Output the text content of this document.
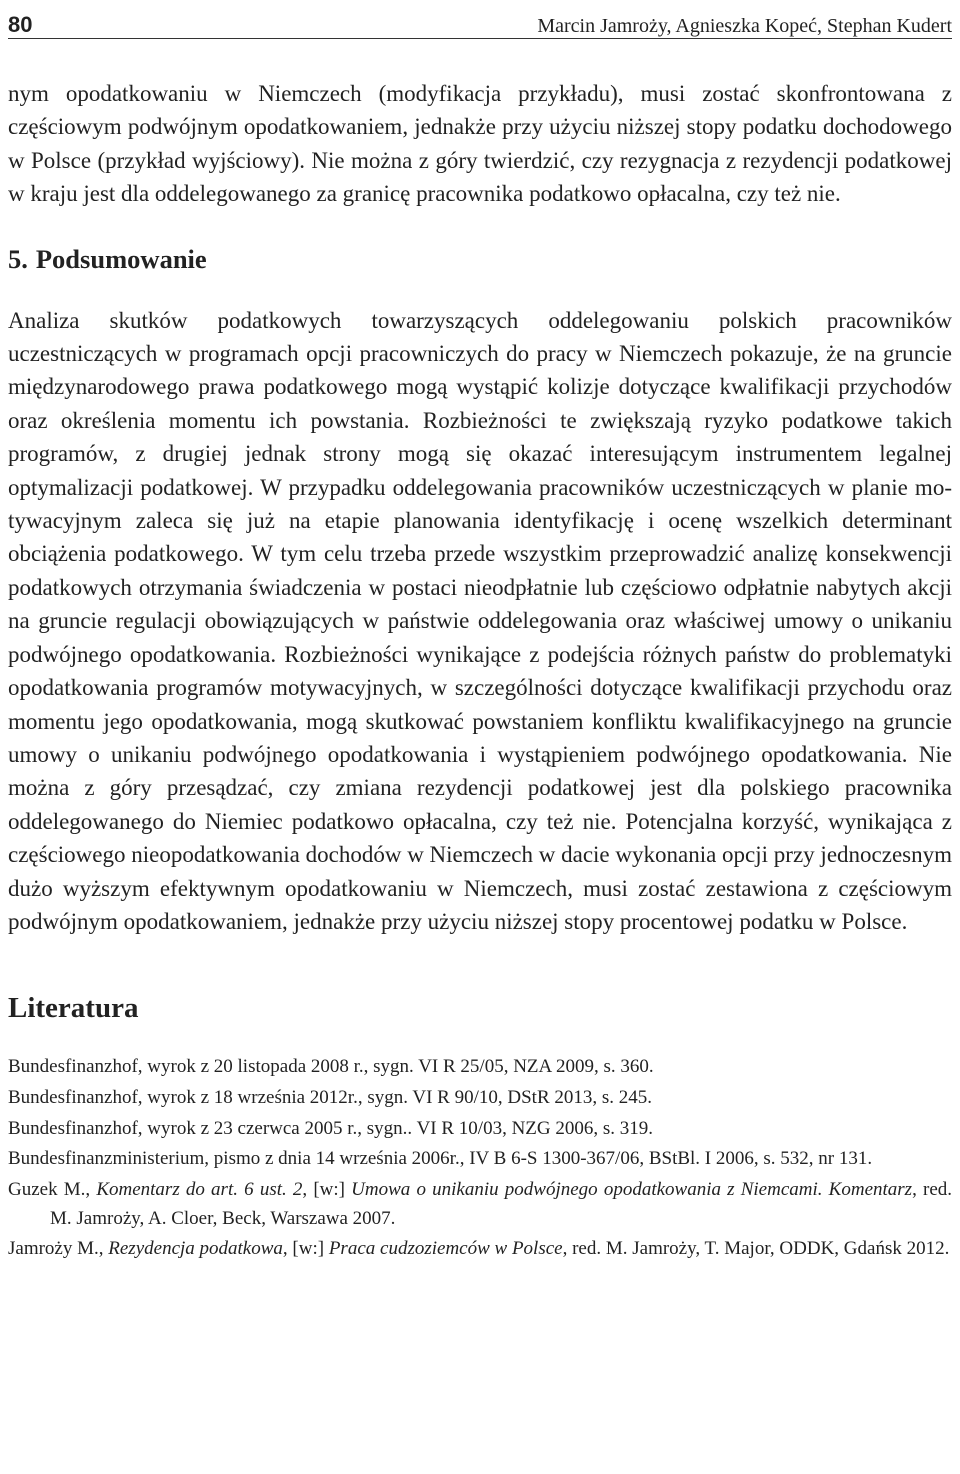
80	Marcin Jamroży, Agnieszka Kopeć, Stephan Kudert

nym opodatkowaniu w Niemczech (modyfikacja przykładu), musi zostać skonfrontowana z częściowym podwójnym opodatkowaniem, jednakże przy użyciu niższej stopy podatku dochodowego w Polsce (przykład wyjściowy). Nie można z góry twierdzić, czy rezygnacja z rezydencji podatkowej w kraju jest dla oddelegowanego za granicę pracownika podatkowo opłacalna, czy też nie.

5. Podsumowanie

Analiza skutków podatkowych towarzyszących oddelegowaniu polskich pracowników uczestniczących w programach opcji pracowniczych do pracy w Niemczech pokazuje, że na gruncie międzynarodowego prawa podatkowego mogą wystąpić kolizje dotyczące kwalifikacji przychodów oraz określenia momentu ich powstania. Rozbieżności te zwiększają ryzyko podatkowe takich programów, z drugiej jednak strony mogą się okazać interesującym instrumentem legalnej optymalizacji podatkowej. W przypadku oddelegowania pracowników uczestniczących w planie motywacyjnym zaleca się już na etapie planowania identyfikację i ocenę wszelkich determinant obciążenia podatkowego. W tym celu trzeba przede wszystkim przeprowadzić analizę konsekwencji podatkowych otrzymania świadczenia w postaci nieodpłatnie lub częściowo odpłatnie nabytych akcji na gruncie regulacji obowiązujących w państwie oddelegowania oraz właściwej umowy o unikaniu podwójnego opodatkowania. Rozbieżności wynikające z podejścia różnych państw do problematyki opodatkowania programów motywacyjnych, w szczególności dotyczące kwalifikacji przychodu oraz momentu jego opodatkowania, mogą skutkować powstaniem konfliktu kwalifikacyjnego na gruncie umowy o unikaniu podwójnego opodatkowania i wystąpieniem podwójnego opodatkowania. Nie można z góry przesądzać, czy zmiana rezydencji podatkowej jest dla polskiego pracownika oddelegowanego do Niemiec podatkowo opłacalna, czy też nie. Potencjalna korzyść, wynikająca z częściowego nieopodatkowania dochodów w Niemczech w dacie wykonania opcji przy jednoczesnym dużo wyższym efektywnym opodatkowaniu w Niemczech, musi zostać zestawiona z częściowym podwójnym opodatkowaniem, jednakże przy użyciu niższej stopy procentowej podatku w Polsce.

Literatura
Bundesfinanzhof, wyrok z 20 listopada 2008 r., sygn. VI R 25/05, NZA 2009, s. 360.
Bundesfinanzhof, wyrok z 18 września 2012r., sygn. VI R 90/10, DStR 2013, s. 245.
Bundesfinanzhof, wyrok z 23 czerwca 2005 r., sygn.. VI R 10/03, NZG 2006, s. 319.
Bundesfinanzministerium, pismo z dnia 14 września 2006r., IV B 6-S 1300-367/06, BStBl. I 2006, s. 532, nr 131.
Guzek M., Komentarz do art. 6 ust. 2, [w:] Umowa o unikaniu podwójnego opodatkowania z Niemcami. Komentarz, red. M. Jamroży, A. Cloer, Beck, Warszawa 2007.
Jamroży M., Rezydencja podatkowa, [w:] Praca cudzoziemców w Polsce, red. M. Jamroży, T. Major, ODDK, Gdańsk 2012.
